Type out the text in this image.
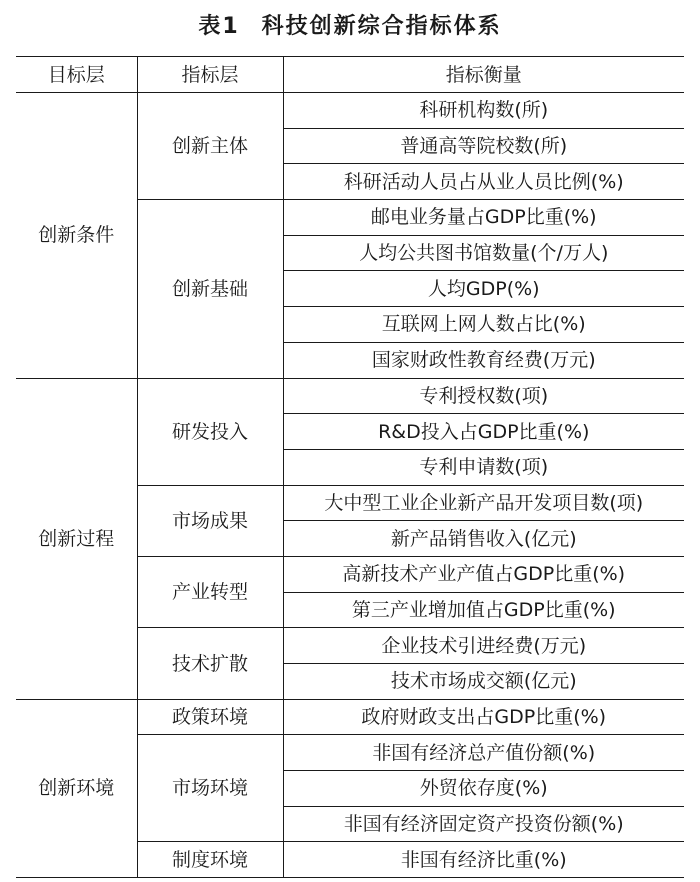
表1 科技创新综合指标体系
目标层	指标层	指标衡量
创新条件	创新主体	科研机构数(所)
		普通高等院校数(所)
		科研活动人员占从业人员比例(%)
	创新基础	邮电业务量占GDP比重(%)
		人均公共图书馆数量(个/万人)
		人均GDP(%)
		互联网上网人数占比(%)
		国家财政性教育经费(万元)
创新过程	研发投入	专利授权数(项)
		R&D投入占GDP比重(%)
		专利申请数(项)
	市场成果	大中型工业企业新产品开发项目数(项)
		新产品销售收入(亿元)
	产业转型	高新技术产业产值占GDP比重(%)
		第三产业增加值占GDP比重(%)
	技术扩散	企业技术引进经费(万元)
		技术市场成交额(亿元)
创新环境	政策环境	政府财政支出占GDP比重(%)
	市场环境	非国有经济总产值份额(%)
		外贸依存度(%)
		非国有经济固定资产投资份额(%)
	制度环境	非国有经济比重(%)
